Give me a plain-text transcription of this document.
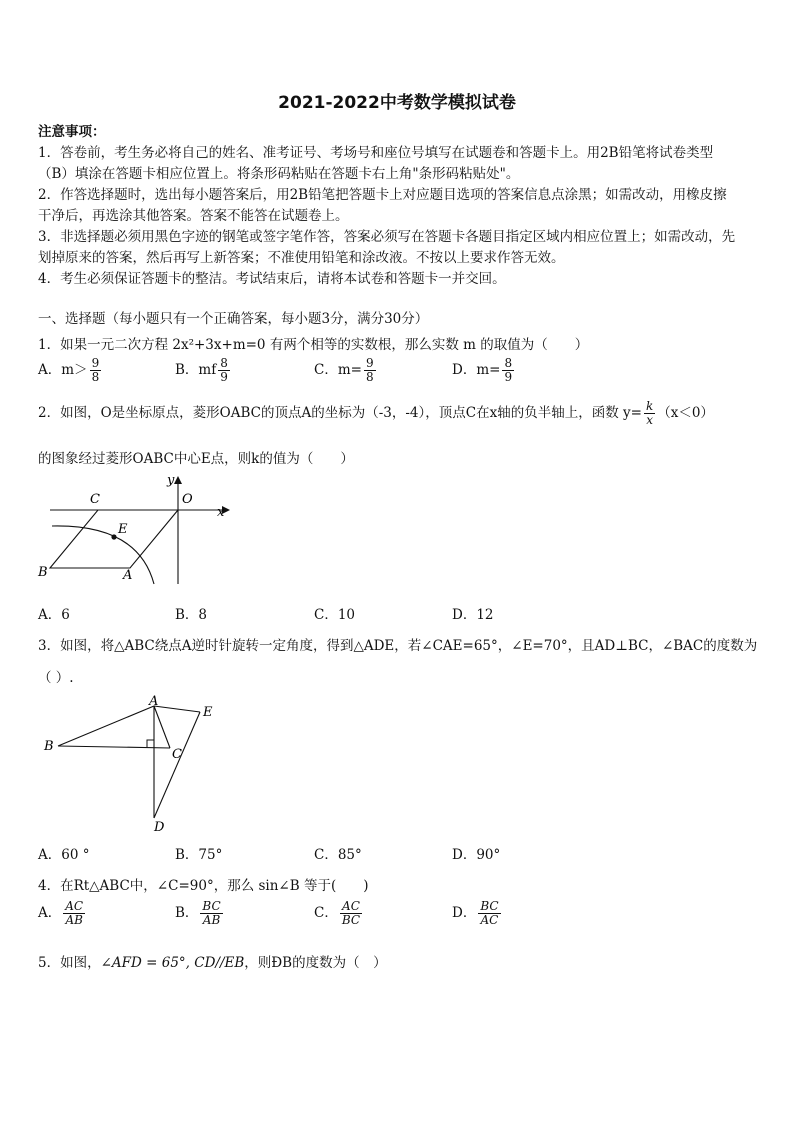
2021-2022中考数学模拟试卷
注意事项：
1．答卷前，考生务必将自己的姓名、准考证号、考场号和座位号填写在试题卷和答题卡上。用2B铅笔将试卷类型
（B）填涂在答题卡相应位置上。将条形码粘贴在答题卡右上角"条形码粘贴处"。
2．作答选择题时，选出每小题答案后，用2B铅笔把答题卡上对应题目选项的答案信息点涂黑；如需改动，用橡皮擦
干净后，再选涂其他答案。答案不能答在试题卷上。
3．非选择题必须用黑色字迹的钢笔或签字笔作答，答案必须写在答题卡各题目指定区域内相应位置上；如需改动，先
划掉原来的答案，然后再写上新答案；不准使用铅笔和涂改液。不按以上要求作答无效。
4．考生必须保证答题卡的整洁。考试结束后，请将本试卷和答题卡一并交回。
一、选择题（每小题只有一个正确答案，每小题3分，满分30分）
1．如果一元二次方程 2x²+3x+m=0 有两个相等的实数根，那么实数 m 的取值为（　　）
A．$m> \frac{9}{8}$	B．mf $\frac{8}{9}$	C．$m= \frac{9}{8}$	D．$m= \frac{8}{9}$
2．如图，O是坐标原点，菱形OABC的顶点A的坐标为（-3，-4），顶点C在x轴的负半轴上，函数 $y= \frac{k}{x} (x<0)$
的图象经过菱形OABC中心E点，则k的值为（　　）
C	O
y
x
E
B	A
A．6	B．8	C．10	D．12
3．如图，将△ABC绕点A逆时针旋转一定角度，得到△ADE，若∠CAE=65°，∠E=70°，且AD⊥BC，∠BAC的度数为
（ ）.
A
E
B
C
D
A．60 °	B．75°	C．85°	D．90°
4．在Rt△ABC中，∠C=90°，那么 sin∠B 等于(　　)
A． $\frac{AC}{AB}$	B． $\frac{BC}{AB}$	C． $\frac{AC}{BC}$	D． $\frac{BC}{AC}$
5．如图，∠AFD = 65°, CD//EB，则ÐB的度数为（　）
